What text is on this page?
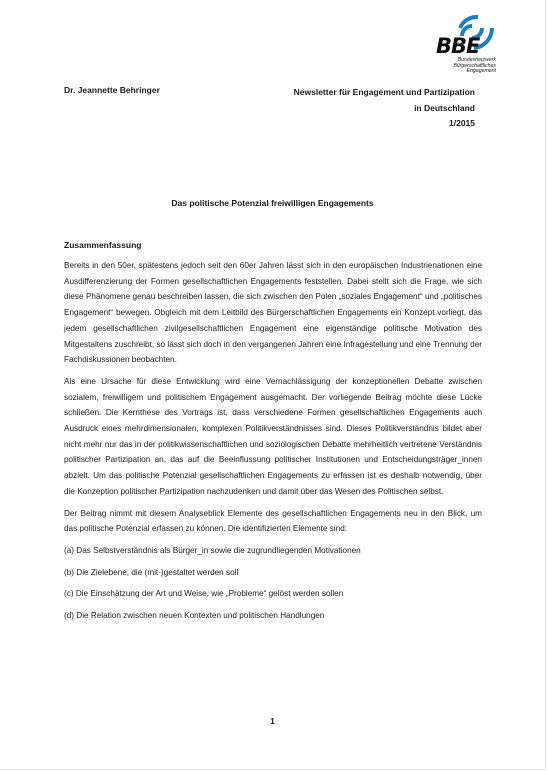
BBE
Bundesnetzwerk
Bürgerschaftliches
Engagement
Dr. Jeannette Behringer	Newsletter für Engagement und Partizipation
in Deutschland
1/2015
Das politische Potenzial freiwilligen Engagements
Zusammenfassung

Bereits in den 50er, spätestens jedoch seit den 60er Jahren lässt sich in den europäischen Industrienationen eine Ausdifferenzierung der Formen gesellschaftlichen Engagements feststellen. Dabei stellt sich die Frage, wie sich diese Phänomene genau beschreiben lassen, die sich zwischen den Polen „soziales Engagement“ und „politisches Engagement“ bewegen. Obgleich mit dem Leitbild des Bürgerschaftlichen Engagements ein Konzept vorliegt, das jedem gesellschaftlichen zivilgesellschaftlichen Engagement eine eigenständige politische Motivation des Mitgestaltens zuschreibt, so lässt sich doch in den vergangenen Jahren eine Infragestellung und eine Trennung der Fachdiskussionen beobachten.

Als eine Ursache für diese Entwicklung wird eine Vernachlässigung der konzeptionellen Debatte zwischen sozialem, freiwilligem und politischem Engagement ausgemacht. Der vorliegende Beitrag möchte diese Lücke schließen. Die Kernthese des Vortrags ist, dass verschiedene Formen gesellschaftlichen Engagements auch Ausdruck eines mehrdimensionalen, komplexen Politikverständnisses sind. Dieses Politikverständnis bildet aber nicht mehr nur das in der politikwissenschaftlichen und soziologischen Debatte mehrheitlich vertretene Verständnis politischer Partizipation an, das auf die Beeinflussung politischer Institutionen und Entscheidungsträger_innen abzielt. Um das politische Potenzial gesellschaftlichen Engagements zu erfassen ist es deshalb notwendig, über die Konzeption politischer Partizipation nachzudenken und damit über das Wesen des Politischen selbst.

Der Beitrag nimmt mit diesem Analyseblick Elemente des gesellschaftlichen Engagements neu in den Blick, um das politische Potenzial erfassen zu können. Die identifizierten Elemente sind:

(a) Das Selbstverständnis als Bürger_in sowie die zugrundliegenden Motivationen
(b) Die Zielebene, die (mit-)gestaltet werden soll
(c) Die Einschätzung der Art und Weise, wie „Probleme“ gelöst werden sollen
(d) Die Relation zwischen neuen Kontexten und politischen Handlungen
1
